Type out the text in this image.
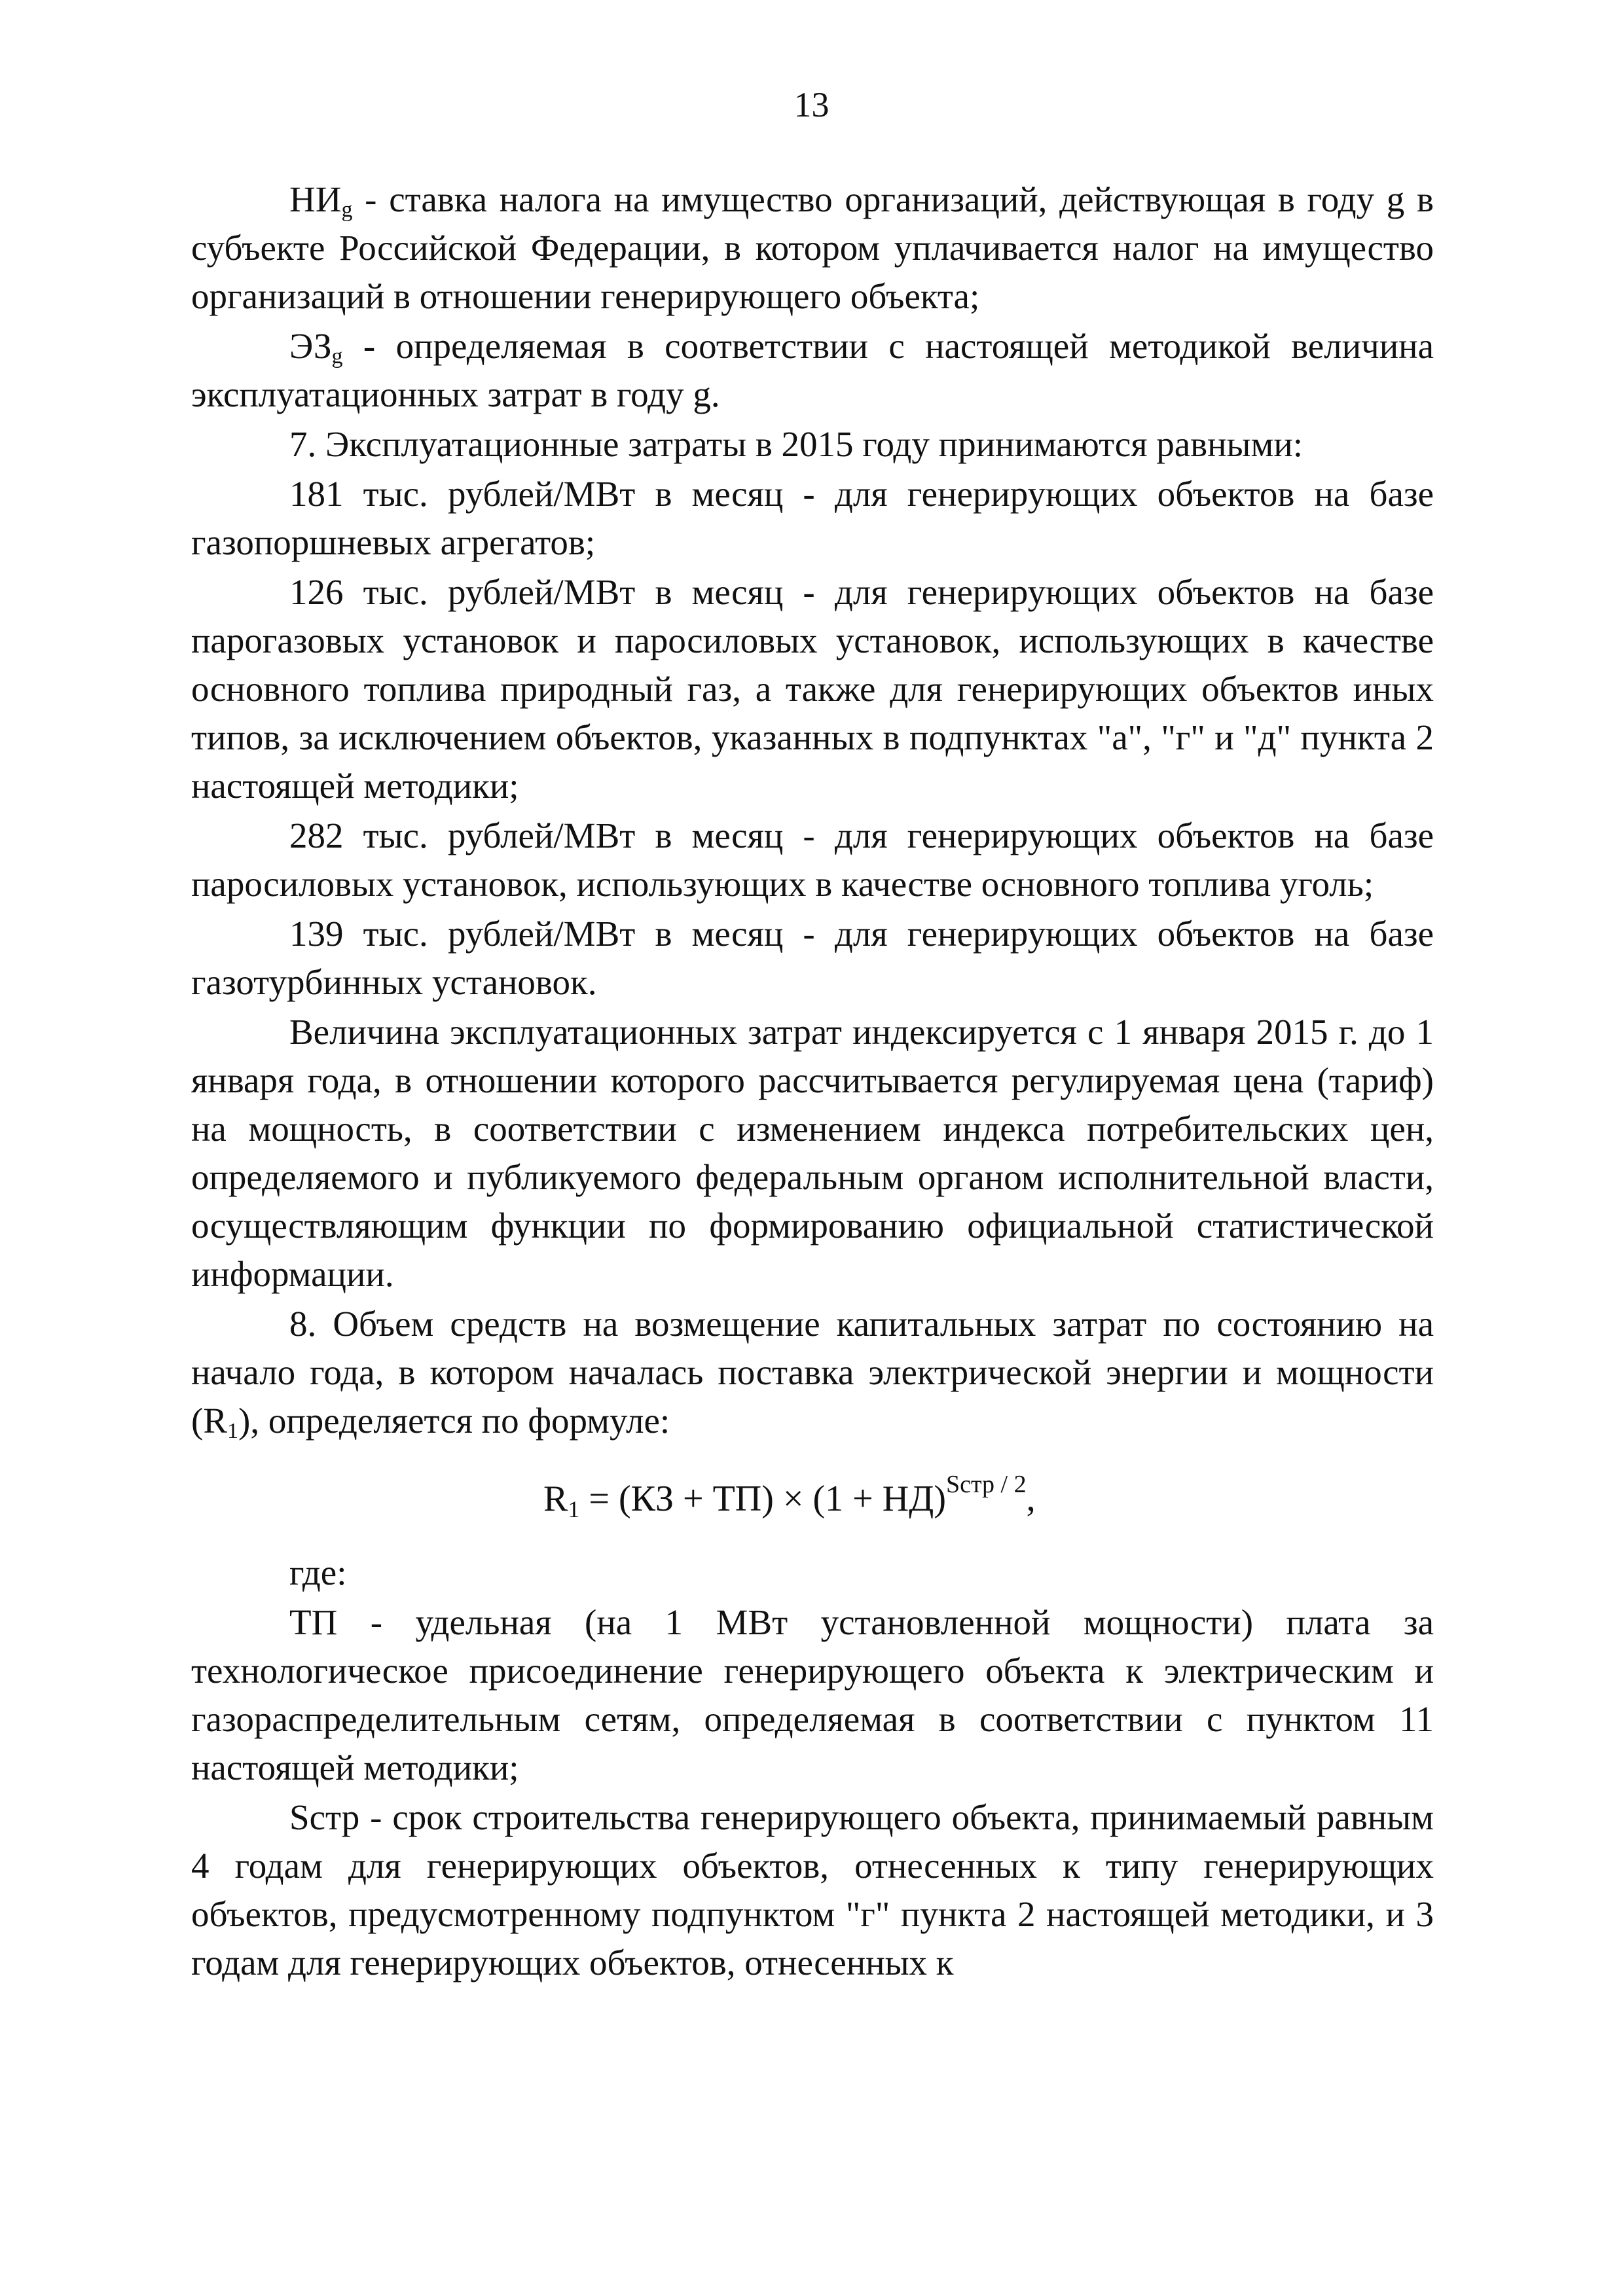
13

$НИ_g$ - ставка налога на имущество организаций, действующая в году g в субъекте Российской Федерации, в котором уплачивается налог на имущество организаций в отношении генерирующего объекта;

$ЭЗ_g$ - определяемая в соответствии с настоящей методикой величина эксплуатационных затрат в году g.

7. Эксплуатационные затраты в 2015 году принимаются равными:

181 тыс. рублей/МВт в месяц - для генерирующих объектов на базе газопоршневых агрегатов;

126 тыс. рублей/МВт в месяц - для генерирующих объектов на базе парогазовых установок и паросиловых установок, использующих в качестве основного топлива природный газ, а также для генерирующих объектов иных типов, за исключением объектов, указанных в подпунктах "а", "г" и "д" пункта 2 настоящей методики;

282 тыс. рублей/МВт в месяц - для генерирующих объектов на базе паросиловых установок, использующих в качестве основного топлива уголь;

139 тыс. рублей/МВт в месяц - для генерирующих объектов на базе газотурбинных установок.

Величина эксплуатационных затрат индексируется с 1 января 2015 г. до 1 января года, в отношении которого рассчитывается регулируемая цена (тариф) на мощность, в соответствии с изменением индекса потребительских цен, определяемого и публикуемого федеральным органом исполнительной власти, осуществляющим функции по формированию официальной статистической информации.

8. Объем средств на возмещение капитальных затрат по состоянию на начало года, в котором началась поставка электрической энергии и мощности $(R_1)$, определяется по формуле:

$R_1 = (КЗ + ТП) \times (1 + НД)^{Sстр / 2}$,

где:

ТП - удельная (на 1 МВт установленной мощности) плата за технологическое присоединение генерирующего объекта к электрическим и газораспределительным сетям, определяемая в соответствии с пунктом 11 настоящей методики;

Sстр - срок строительства генерирующего объекта, принимаемый равным 4 годам для генерирующих объектов, отнесенных к типу генерирующих объектов, предусмотренному подпунктом "г" пункта 2 настоящей методики, и 3 годам для генерирующих объектов, отнесенных к
